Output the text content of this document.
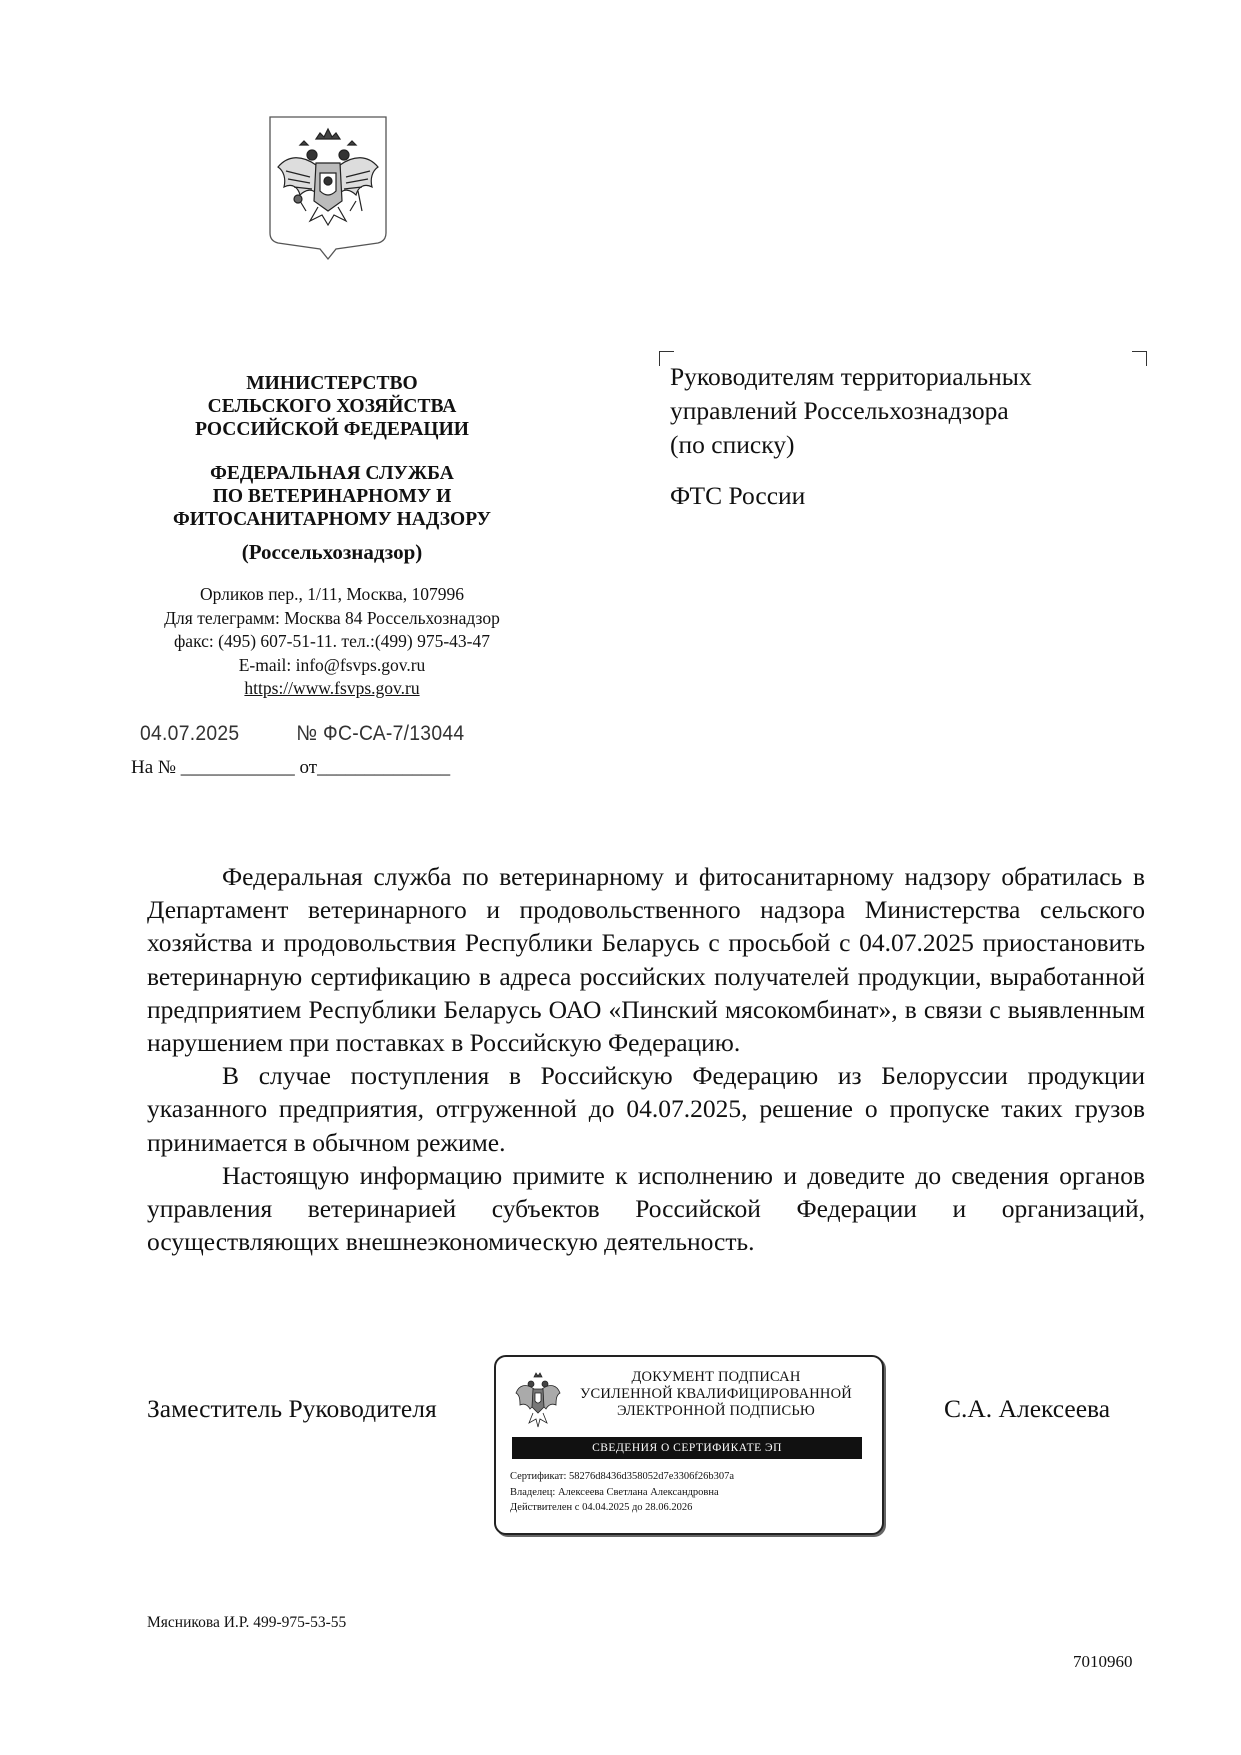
МИНИСТЕРСТВО
СЕЛЬСКОГО ХОЗЯЙСТВА
РОССИЙСКОЙ ФЕДЕРАЦИИ
ФЕДЕРАЛЬНАЯ СЛУЖБА
ПО ВЕТЕРИНАРНОМУ И
ФИТОСАНИТАРНОМУ НАДЗОРУ
(Россельхознадзор)
Орликов пер., 1/11, Москва, 107996
Для телеграмм: Москва 84 Россельхознадзор
факс: (495) 607-51-11. тел.:(499) 975-43-47
E-mail: info@fsvps.gov.ru
https://www.fsvps.gov.ru
04.07.2025	№ ФС-СА-7/13044
На № ____________ от______________
Руководителям территориальных
управлений Россельхознадзора
(по списку)
ФТС России

Федеральная служба по ветеринарному и фитосанитарному надзору обратилась в Департамент ветеринарного и продовольственного надзора Министерства сельского хозяйства и продовольствия Республики Беларусь с просьбой с 04.07.2025 приостановить ветеринарную сертификацию в адреса российских получателей продукции, выработанной предприятием Республики Беларусь ОАО «Пинский мясокомбинат», в связи с выявленным нарушением при поставках в Российскую Федерацию.

В случае поступления в Российскую Федерацию из Белоруссии продукции указанного предприятия, отгруженной до 04.07.2025, решение о пропуске таких грузов принимается в обычном режиме.

Настоящую информацию примите к исполнению и доведите до сведения органов управления ветеринарией субъектов Российской Федерации и организаций, осуществляющих внешнеэкономическую деятельность.

Заместитель Руководителя	С.А. Алексеева
ДОКУМЕНТ ПОДПИСАН
УСИЛЕННОЙ КВАЛИФИЦИРОВАННОЙ
ЭЛЕКТРОННОЙ ПОДПИСЬЮ
СВЕДЕНИЯ О СЕРТИФИКАТЕ ЭП
Сертификат: 58276d8436d358052d7e3306f26b307a
Владелец: Алексеева Светлана Александровна
Действителен с 04.04.2025 до 28.06.2026
Мясникова И.Р. 499-975-53-55
7010960
